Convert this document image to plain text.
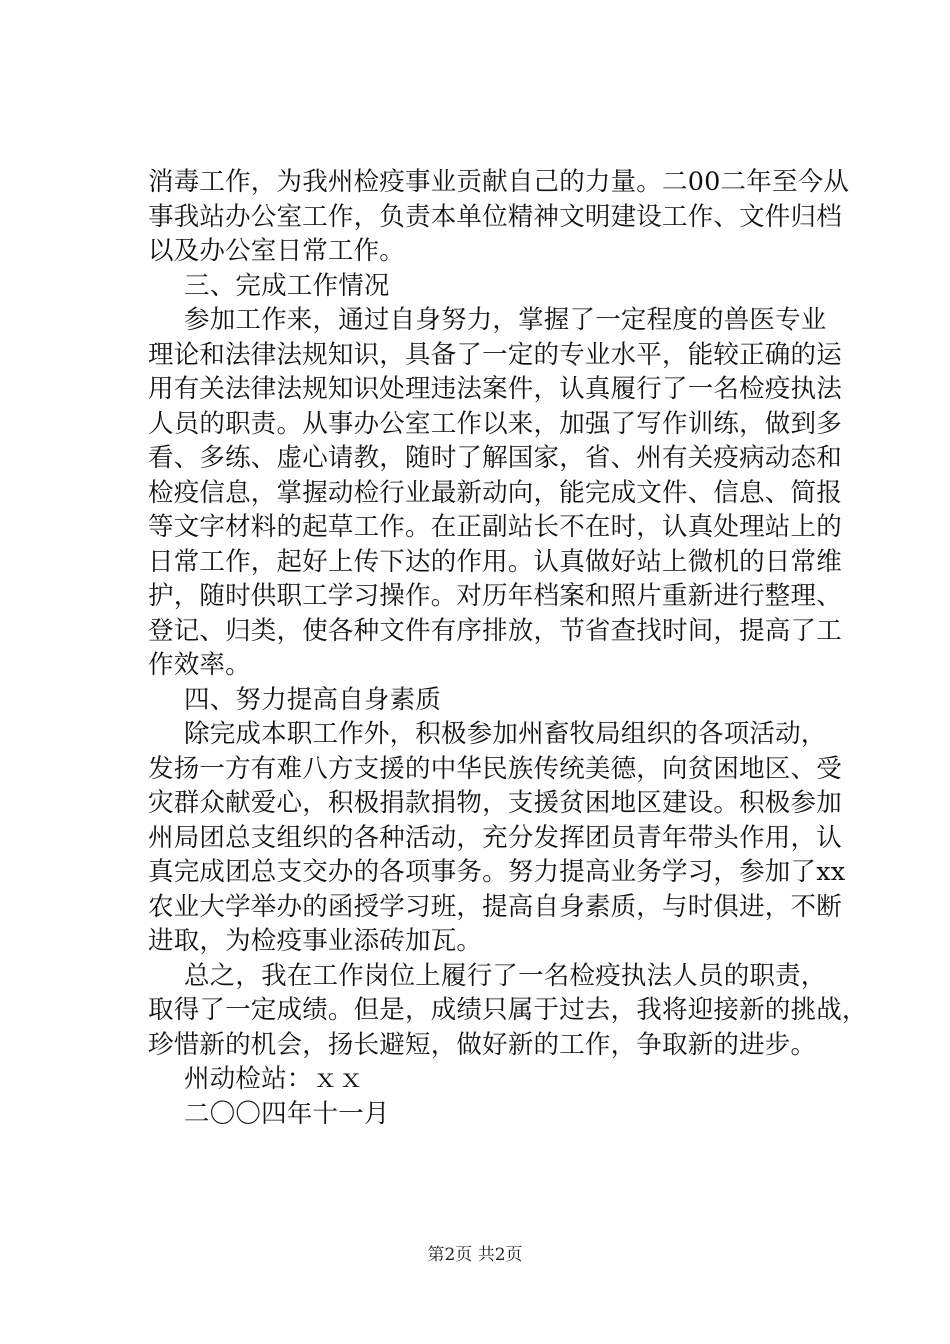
消毒工作，为我州检疫事业贡献自己的力量。二00二年至今从
事我站办公室工作，负责本单位精神文明建设工作、文件归档
以及办公室日常工作。
三、完成工作情况
参加工作来，通过自身努力，掌握了一定程度的兽医专业
理论和法律法规知识，具备了一定的专业水平，能较正确的运
用有关法律法规知识处理违法案件，认真履行了一名检疫执法
人员的职责。从事办公室工作以来，加强了写作训练，做到多
看、多练、虚心请教，随时了解国家，省、州有关疫病动态和
检疫信息，掌握动检行业最新动向，能完成文件、信息、简报
等文字材料的起草工作。在正副站长不在时，认真处理站上的
日常工作，起好上传下达的作用。认真做好站上微机的日常维
护，随时供职工学习操作。对历年档案和照片重新进行整理、
登记、归类，使各种文件有序排放，节省查找时间，提高了工
作效率。
四、努力提高自身素质
除完成本职工作外，积极参加州畜牧局组织的各项活动，
发扬一方有难八方支援的中华民族传统美德，向贫困地区、受
灾群众献爱心，积极捐款捐物，支援贫困地区建设。积极参加
州局团总支组织的各种活动，充分发挥团员青年带头作用，认
真完成团总支交办的各项事务。努力提高业务学习，参加了xx
农业大学举办的函授学习班，提高自身素质，与时俱进，不断
进取，为检疫事业添砖加瓦。
总之，我在工作岗位上履行了一名检疫执法人员的职责，
取得了一定成绩。但是，成绩只属于过去，我将迎接新的挑战，
珍惜新的机会，扬长避短，做好新的工作，争取新的进步。
州动检站：ｘｘ
二〇〇四年十一月
第2页 共2页
